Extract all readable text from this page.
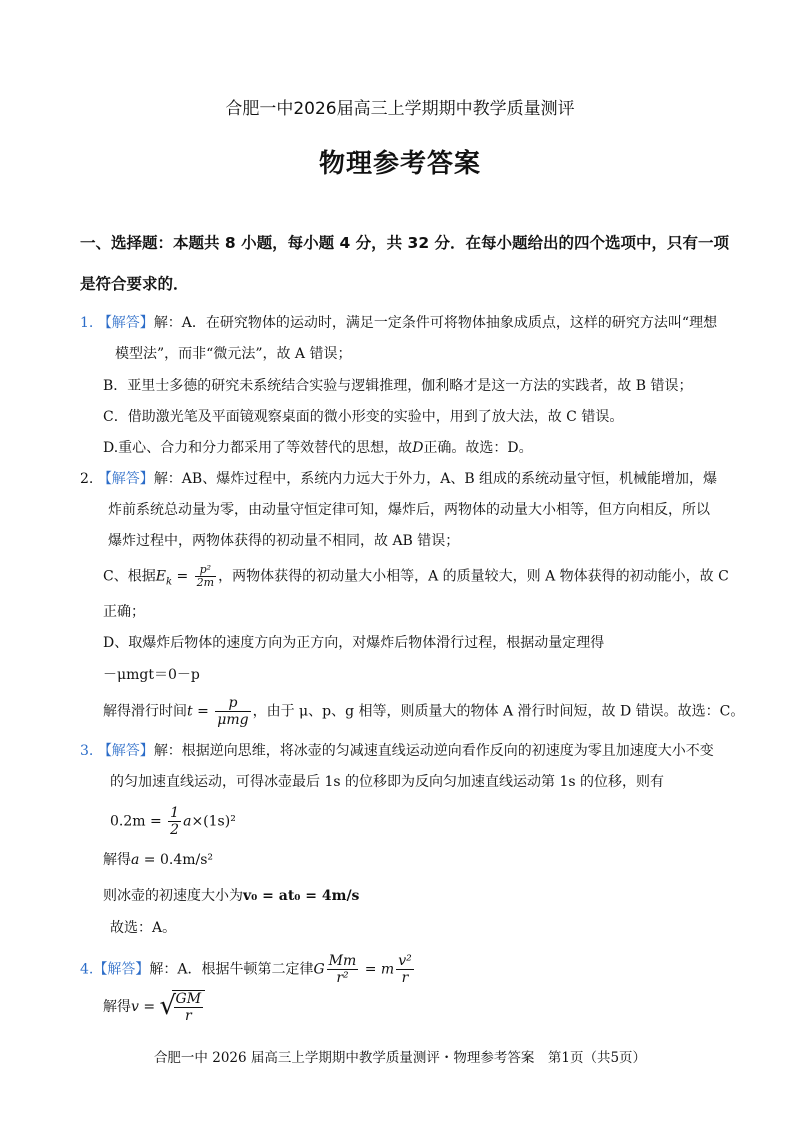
合肥一中2026届高三上学期期中教学质量测评
物理参考答案
一、选择题：本题共 8 小题，每小题 4 分，共 32 分．在每小题给出的四个选项中，只有一项
是符合要求的．
1. 【解答】解：A．在研究物体的运动时，满足一定条件可将物体抽象成质点，这样的研究方法叫“理想
模型法”，而非“微元法”，故 A 错误；
B．亚里士多德的研究未系统结合实验与逻辑推理，伽利略才是这一方法的实践者，故 B 错误；
C．借助激光笔及平面镜观察桌面的微小形变的实验中，用到了放大法，故 C 错误。
D.重心、合力和分力都采用了等效替代的思想，故D正确。故选：D。
2. 【解答】解：AB、爆炸过程中，系统内力远大于外力，A、B 组成的系统动量守恒，机械能增加，爆
炸前系统总动量为零，由动量守恒定律可知，爆炸后，两物体的动量大小相等，但方向相反，所以
爆炸过程中，两物体获得的初动量不相同，故 AB 错误；
C、根据$E_k = \frac{\text{p²}}{2m}$ ，两物体获得的初动量大小相等，A 的质量较大，则 A 物体获得的初动能小，故 C
正确；
D、取爆炸后物体的速度方向为正方向，对爆炸后物体滑行过程，根据动量定理得
－μmgt＝0－p
解得滑行时间$t = \frac{p}{\text{μmg}}$ ，由于 μ、p、g 相等，则质量大的物体 A 滑行时间短，故 D 错误。故选：C。
3. 【解答】解：根据逆向思维，将冰壶的匀减速直线运动逆向看作反向的初速度为零且加速度大小不变
的匀加速直线运动，可得冰壶最后 1s 的位移即为反向匀加速直线运动第 1s 的位移，则有
$0.2m = \frac{1}{2} a\times(1s)^2$
解得a = 0.4m/s²
则冰壶的初速度大小为v₀ = at₀ = 4m/s
故选：A。
4.【解答】解：A．根据牛顿第二定律G $\frac{Mm}{\text{r²}} = m \frac{\text{v²}}{r}$
解得v = √
$\frac{GM}{r}$
合肥一中 2026 届高三上学期期中教学质量测评・物理参考答案　第1页（共5页）
